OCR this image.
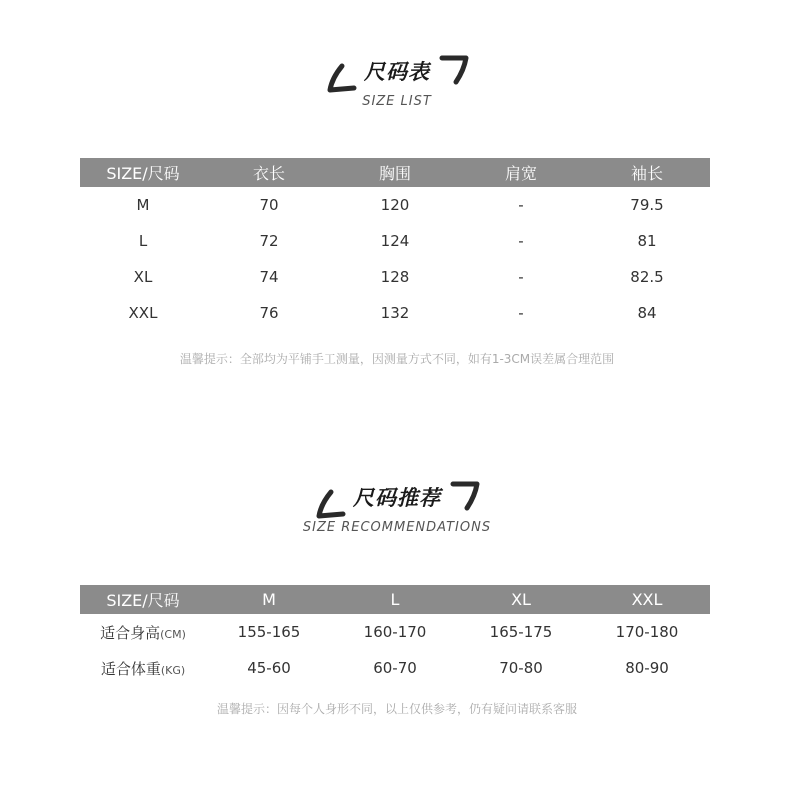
尺码表
SIZE LIST
SIZE/尺码	衣长	胸围	肩宽	袖长
M	70	120	-	79.5
L	72	124	-	81
XL	74	128	-	82.5
XXL	76	132	-	84
温馨提示：全部均为平铺手工测量，因测量方式不同，如有1-3CM误差属合理范围
尺码推荐
SIZE RECOMMENDATIONS
SIZE/尺码	M	L	XL	XXL
适合身高(CM)	155-165	160-170	165-175	170-180
适合体重(KG)	45-60	60-70	70-80	80-90
温馨提示：因每个人身形不同，以上仅供参考，仍有疑问请联系客服
